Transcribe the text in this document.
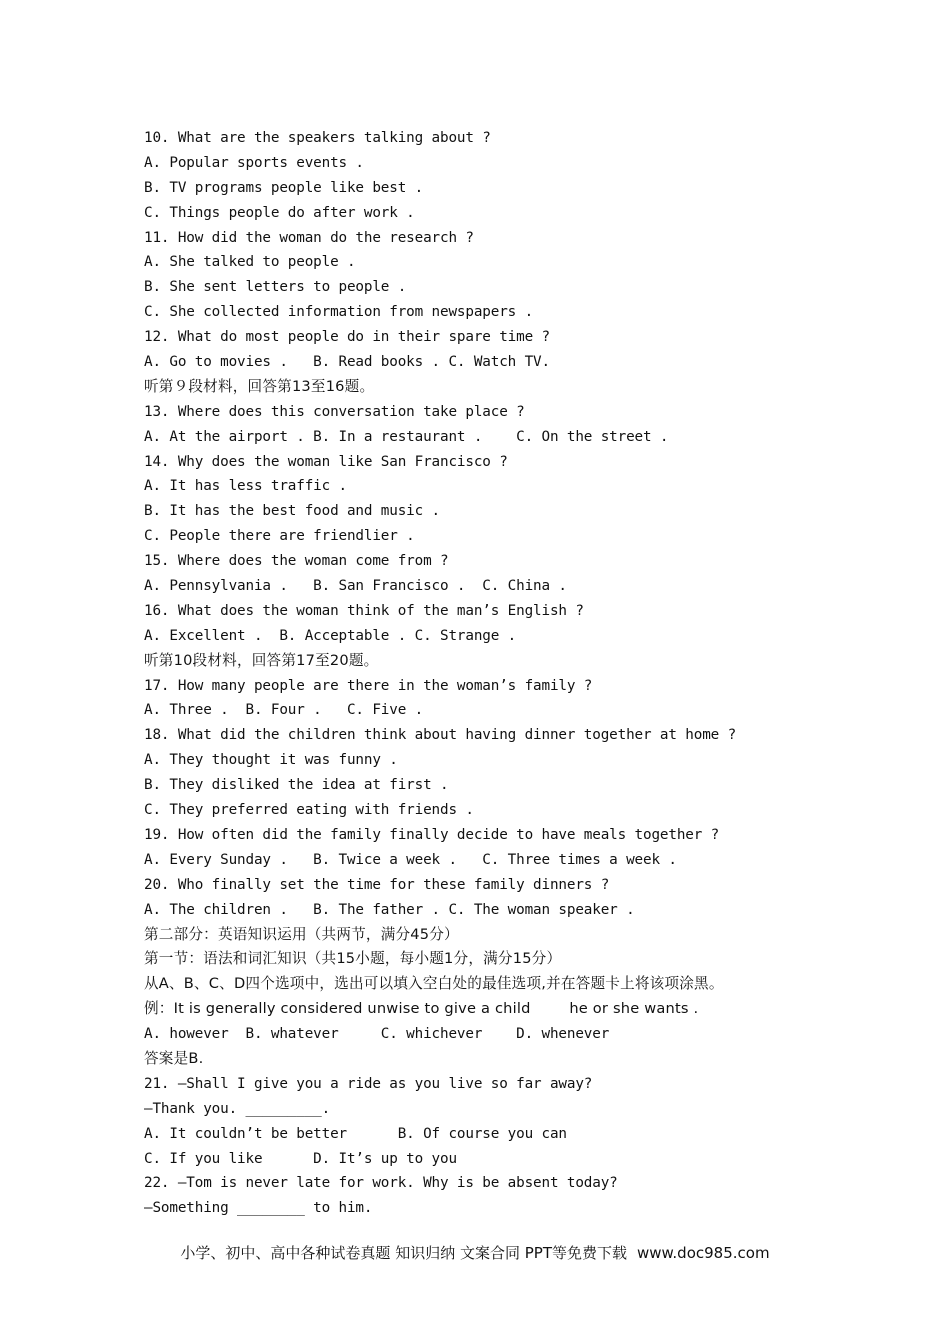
10. What are the speakers talking about ?
A. Popular sports events .
B. TV programs people like best .
C. Things people do after work .
11. How did the woman do the research ?
A. She talked to people .
B. She sent letters to people .
C. She collected information from newspapers .
12. What do most people do in their spare time ?
A. Go to movies .   B. Read books . C. Watch TV.
听第９段材料，回答第13至16题。
13. Where does this conversation take place ?
A. At the airport . B. In a restaurant .    C. On the street .
14. Why does the woman like San Francisco ?
A. It has less traffic .
B. It has the best food and music .
C. People there are friendlier .
15. Where does the woman come from ?
A. Pennsylvania .   B. San Francisco .  C. China .
16. What does the woman think of the man’s English ?
A. Excellent .  B. Acceptable . C. Strange .
听第10段材料，回答第17至20题。
17. How many people are there in the woman’s family ?
A. Three .  B. Four .   C. Five .
18. What did the children think about having dinner together at home ?
A. They thought it was funny .
B. They disliked the idea at first .
C. They preferred eating with friends .
19. How often did the family finally decide to have meals together ?
A. Every Sunday .   B. Twice a week .   C. Three times a week .
20. Who finally set the time for these family dinners ?
A. The children .   B. The father . C. The woman speaker .
第二部分：英语知识运用（共两节，满分45分）
第一节：语法和词汇知识（共15小题，每小题1分，满分15分）
从A、B、C、D四个选项中，选出可以填入空白处的最佳选项,并在答题卡上将该项涂黑。
例：It is generally considered unwise to give a child        he or she wants .
A. however  B. whatever     C. whichever    D. whenever
答案是B.
21. —Shall I give you a ride as you live so far away?
—Thank you. _________.
A. It couldn’t be better      B. Of course you can
C. If you like      D. It’s up to you
22. —Tom is never late for work. Why is be absent today?
—Something ________ to him.
小学、初中、高中各种试卷真题 知识归纳 文案合同 PPT等免费下载 www.doc985.com
